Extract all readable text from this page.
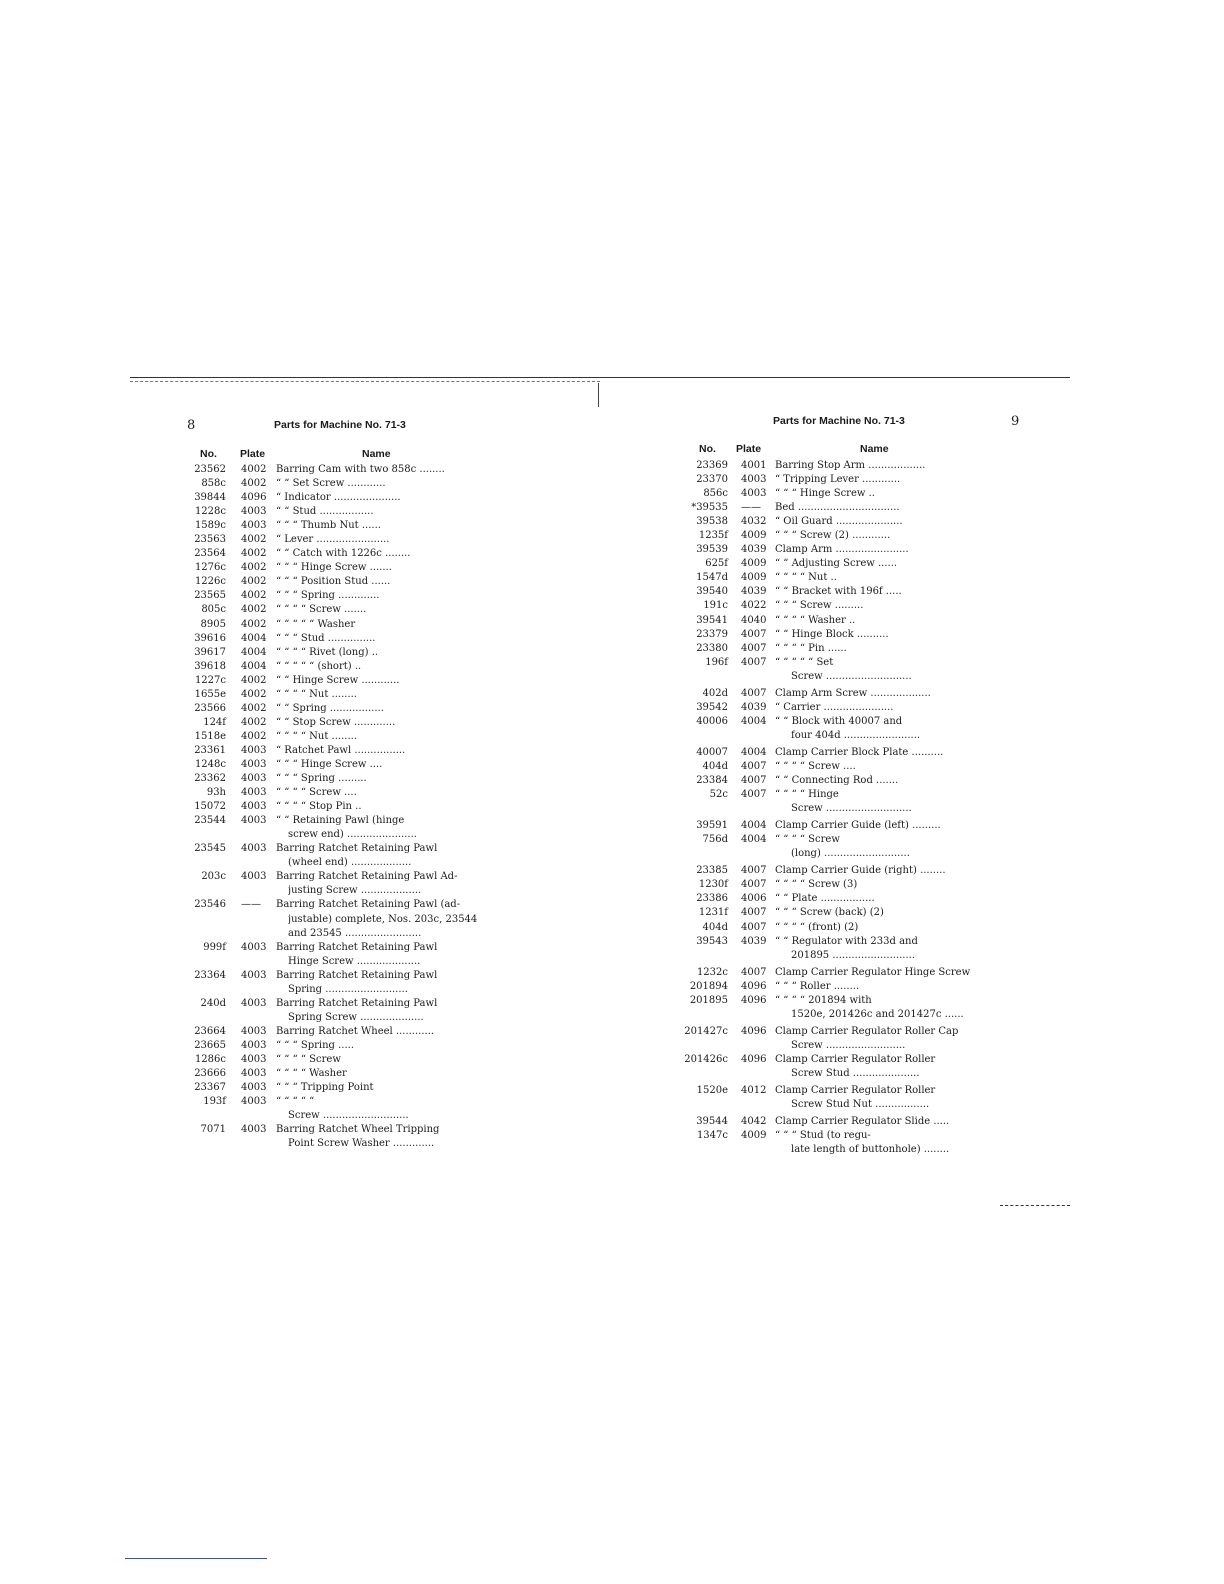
8	Parts for Machine No. 71-3
No. Plate	Name
23562 4002 Barring Cam with two 858c ........
858c 4002 “ “ Set Screw ............
39844 4096 “ Indicator .....................
1228c 4003 “ “ Stud .................
1589c 4003 “ “ “ Thumb Nut ......
23563 4002 “ Lever .......................
23564 4002 “ “ Catch with 1226c ........
1276c 4002 “ “ “ Hinge Screw .......
1226c 4002 “ “ “ Position Stud ......
23565 4002 “ “ “ Spring .............
805c 4002 “ “ “ “ Screw .......
8905 4002 “ “ “ “ “ Washer
39616 4004 “ “ “ Stud ...............
39617 4004 “ “ “ “ Rivet (long) ..
39618 4004 “ “ “ “ “ (short) ..
1227c 4002 “ “ Hinge Screw ............
1655e 4002 “ “ “ “ Nut ........
23566 4002 “ “ Spring .................
124f 4002 “ “ Stop Screw .............
1518e 4002 “ “ “ “ Nut ........
23361 4003 “ Ratchet Pawl ................
1248c 4003 “ “ “ Hinge Screw ....
23362 4003 “ “ “ Spring .........
93h 4003 “ “ “ “ Screw ....
15072 4003 “ “ “ “ Stop Pin ..
23544 4003 “ “ Retaining Pawl (hinge
screw end) ......................
23545 4003 Barring Ratchet Retaining Pawl
(wheel end) ...................
203c 4003 Barring Ratchet Retaining Pawl Ad-
justing Screw ...................
23546 —— Barring Ratchet Retaining Pawl (ad-
justable) complete, Nos. 203c, 23544
and 23545 ........................
999f 4003 Barring Ratchet Retaining Pawl
Hinge Screw ....................
23364 4003 Barring Ratchet Retaining Pawl
Spring ..........................
240d 4003 Barring Ratchet Retaining Pawl
Spring Screw ....................
23664 4003 Barring Ratchet Wheel ............
23665 4003 “ “ “ Spring .....
1286c 4003 “ “ “ “ Screw
23666 4003 “ “ “ “ Washer
23367 4003 “ “ “ Tripping Point
193f 4003 “ “ “ “ “
Screw ...........................
7071 4003 Barring Ratchet Wheel Tripping
Point Screw Washer .............
Parts for Machine No. 71-3	9
No. Plate	Name
23369 4001 Barring Stop Arm ..................
23370 4003 “ Tripping Lever ............
856c 4003 “ “ “ Hinge Screw ..
*39535 —— Bed ................................
39538 4032 “ Oil Guard .....................
1235f 4009 “ “ “ Screw (2) ............
39539 4039 Clamp Arm .......................
625f 4009 “ “ Adjusting Screw ......
1547d 4009 “ “ “ “ Nut ..
39540 4039 “ “ Bracket with 196f .....
191c 4022 “ “ “ Screw .........
39541 4040 “ “ “ “ Washer ..
23379 4007 “ “ Hinge Block ..........
23380 4007 “ “ “ “ Pin ......
196f 4007 “ “ “ “ “ Set
Screw ...........................
402d 4007 Clamp Arm Screw ...................
39542 4039 “ Carrier ......................
40006 4004 “ “ Block with 40007 and
four 404d ........................
40007 4004 Clamp Carrier Block Plate ..........
404d 4007 “ “ “ “ Screw ....
23384 4007 “ “ Connecting Rod .......
52c 4007 “ “ “ “ Hinge
Screw ...........................
39591 4004 Clamp Carrier Guide (left) .........
756d 4004 “ “ “ “ Screw
(long) ...........................
23385 4007 Clamp Carrier Guide (right) ........
1230f 4007 “ “ “ “ Screw (3)
23386 4006 “ “ Plate .................
1231f 4007 “ “ “ Screw (back) (2)
404d 4007 “ “ “ “ (front) (2)
39543 4039 “ “ Regulator with 233d and
201895 ..........................
1232c 4007 Clamp Carrier Regulator Hinge Screw
201894 4096 “ “ “ Roller ........
201895 4096 “ “ “ “ 201894 with
1520e, 201426c and 201427c ......
201427c 4096 Clamp Carrier Regulator Roller Cap
Screw .........................
201426c 4096 Clamp Carrier Regulator Roller
Screw Stud .....................
1520e 4012 Clamp Carrier Regulator Roller
Screw Stud Nut .................
39544 4042 Clamp Carrier Regulator Slide .....
1347c 4009 “ “ “ Stud (to regu-
late length of buttonhole) ........
